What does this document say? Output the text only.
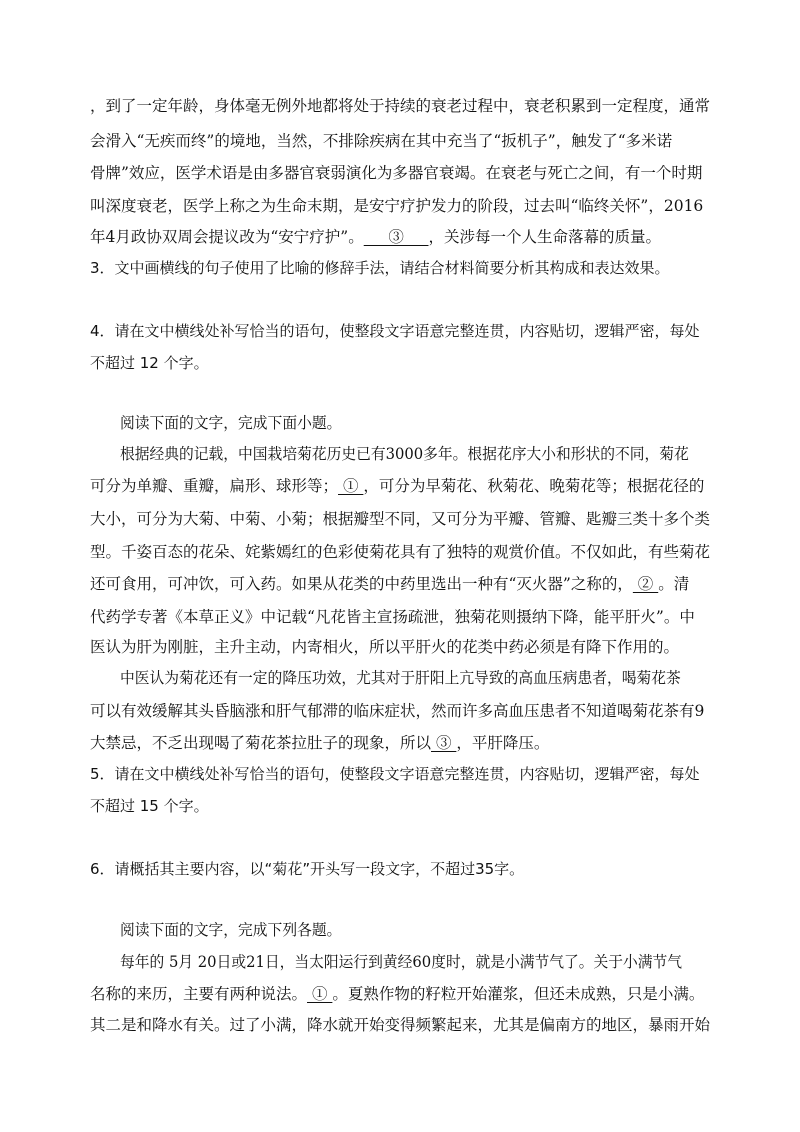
，到了一定年龄，身体毫无例外地都将处于持续的衰老过程中，衰老积累到一定程度，通常
会滑入“无疾而终”的境地，当然，不排除疾病在其中充当了“扳机子”，触发了“多米诺
骨牌”效应，医学术语是由多器官衰弱演化为多器官衰竭。在衰老与死亡之间，有一个时期
叫深度衰老，医学上称之为生命末期，是安宁疗护发力的阶段，过去叫“临终关怀”，2016
年4月政协双周会提议改为“安宁疗护”。     ③     ，关涉每一个人生命落幕的质量。
3．文中画横线的句子使用了比喻的修辞手法，请结合材料简要分析其构成和表达效果。
4．请在文中横线处补写恰当的语句，使整段文字语意完整连贯，内容贴切，逻辑严密，每处
不超过 12 个字。
阅读下面的文字，完成下面小题。
根据经典的记载，中国栽培菊花历史已有3000多年。根据花序大小和形状的不同，菊花
可分为单瓣、重瓣，扁形、球形等； ① ，可分为早菊花、秋菊花、晚菊花等；根据花径的
大小，可分为大菊、中菊、小菊；根据瓣型不同，又可分为平瓣、管瓣、匙瓣三类十多个类
型。千姿百态的花朵、姹紫嫣红的色彩使菊花具有了独特的观赏价值。不仅如此，有些菊花
还可食用，可冲饮，可入药。如果从花类的中药里选出一种有“灭火器”之称的， ② 。清
代药学专著《本草正义》中记载“凡花皆主宣扬疏泄，独菊花则摄纳下降，能平肝火”。中
医认为肝为刚脏，主升主动，内寄相火，所以平肝火的花类中药必须是有降下作用的。
中医认为菊花还有一定的降压功效，尤其对于肝阳上亢导致的高血压病患者，喝菊花茶
可以有效缓解其头昏脑涨和肝气郁滞的临床症状，然而许多高血压患者不知道喝菊花茶有9
大禁忌，不乏出现喝了菊花茶拉肚子的现象，所以 ③ ，平肝降压。
5．请在文中横线处补写恰当的语句，使整段文字语意完整连贯，内容贴切，逻辑严密，每处
不超过 15 个字。
6．请概括其主要内容，以“菊花”开头写一段文字，不超过35字。
阅读下面的文字，完成下列各题。
每年的 5月 20日或21日，当太阳运行到黄经60度时，就是小满节气了。关于小满节气
名称的来历，主要有两种说法。 ① 。夏熟作物的籽粒开始灌浆，但还未成熟，只是小满。
其二是和降水有关。过了小满，降水就开始变得频繁起来，尤其是偏南方的地区，暴雨开始
